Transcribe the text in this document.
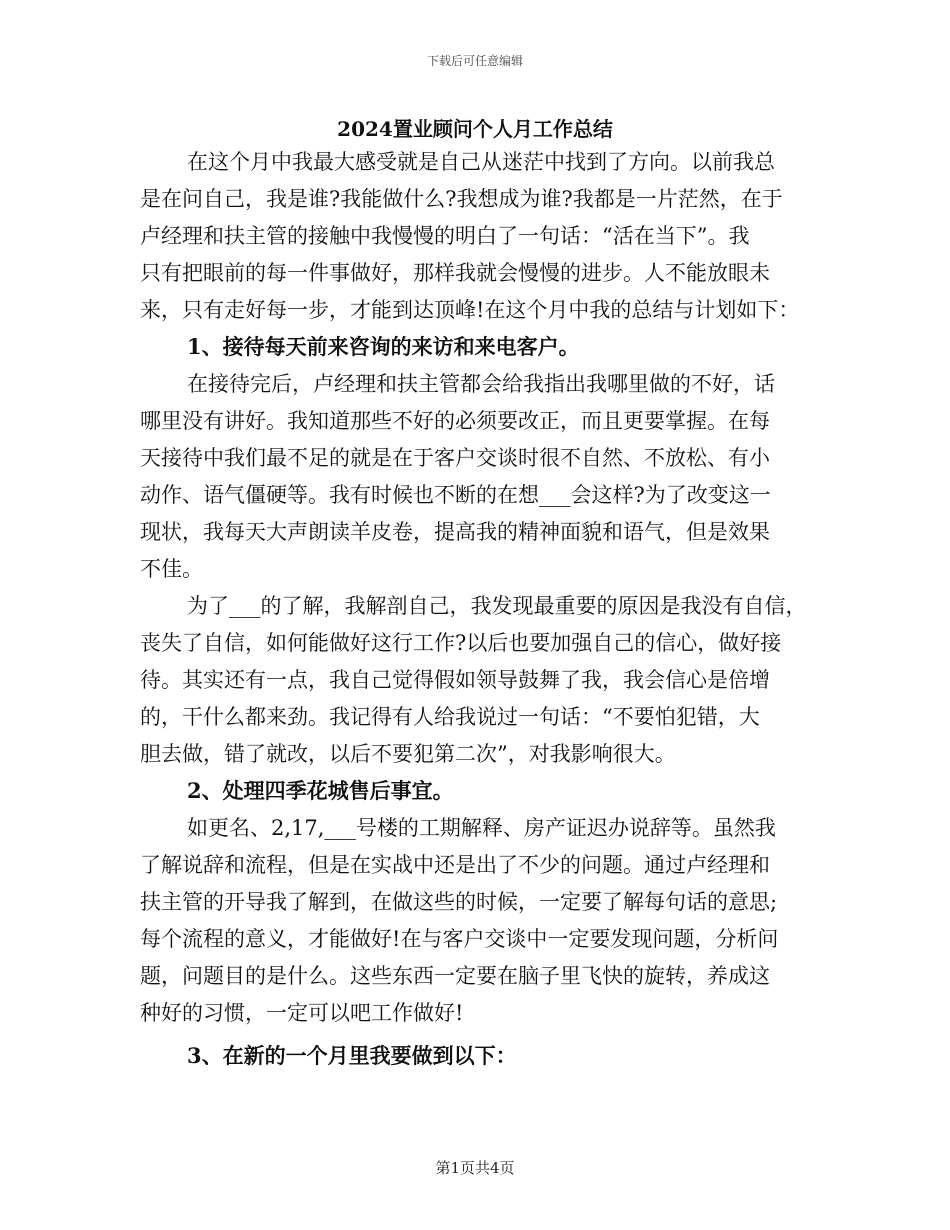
下载后可任意编辑

2024置业顾问个人月工作总结

在这个月中我最大感受就是自己从迷茫中找到了方向。以前我总

是在问自己，我是谁?我能做什么?我想成为谁?我都是一片茫然，在于

卢经理和扶主管的接触中我慢慢的明白了一句话：“活在当下”。我

只有把眼前的每一件事做好，那样我就会慢慢的进步。人不能放眼未

来，只有走好每一步，才能到达顶峰!在这个月中我的总结与计划如下：

1、接待每天前来咨询的来访和来电客户。

在接待完后，卢经理和扶主管都会给我指出我哪里做的不好，话

哪里没有讲好。我知道那些不好的必须要改正，而且更要掌握。在每

天接待中我们最不足的就是在于客户交谈时很不自然、不放松、有小

动作、语气僵硬等。我有时候也不断的在想___会这样?为了改变这一

现状，我每天大声朗读羊皮卷，提高我的精神面貌和语气，但是效果

不佳。

为了___的了解，我解剖自己，我发现最重要的原因是我没有自信，

丧失了自信，如何能做好这行工作?以后也要加强自己的信心，做好接

待。其实还有一点，我自己觉得假如领导鼓舞了我，我会信心是倍增

的，干什么都来劲。我记得有人给我说过一句话：“不要怕犯错，大

胆去做，错了就改，以后不要犯第二次”，对我影响很大。

2、处理四季花城售后事宜。

如更名、2,17,___号楼的工期解释、房产证迟办说辞等。虽然我

了解说辞和流程，但是在实战中还是出了不少的问题。通过卢经理和

扶主管的开导我了解到，在做这些的时候，一定要了解每句话的意思;

每个流程的意义，才能做好!在与客户交谈中一定要发现问题，分析问

题，问题目的是什么。这些东西一定要在脑子里飞快的旋转，养成这

种好的习惯，一定可以吧工作做好!

3、在新的一个月里我要做到以下：

第1页共4页
